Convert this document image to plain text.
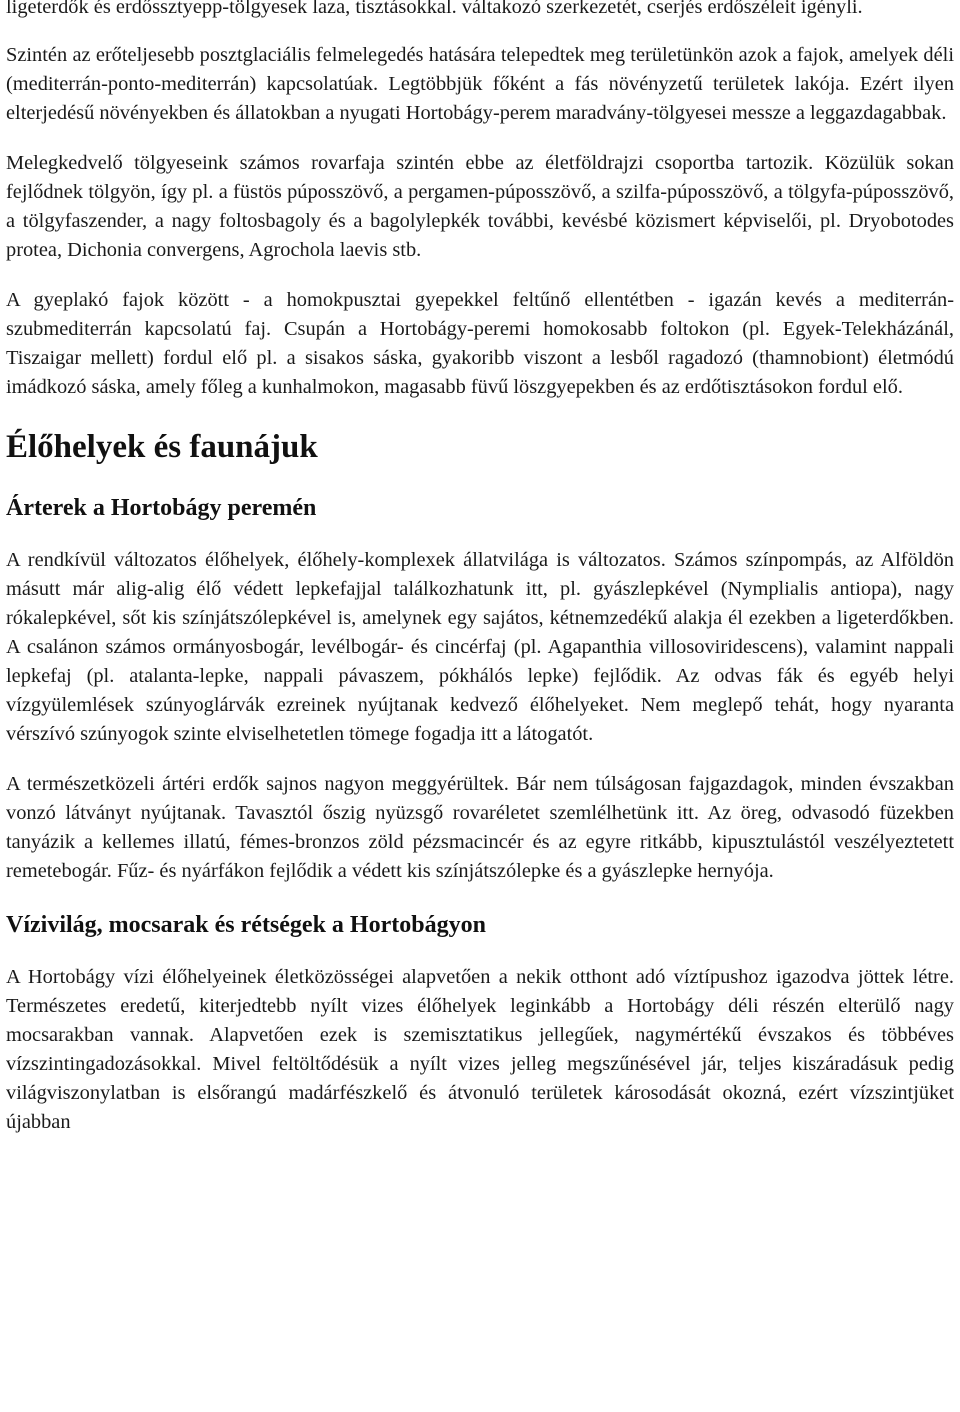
ligeterdők és erdőssztyepp-tölgyesek laza, tisztásokkal. váltakozó szerkezetét, cserjés erdőszéleit igényli.

Szintén az erőteljesebb posztglaciális felmelegedés hatására telepedtek meg területünkön azok a fajok, amelyek déli (mediterrán-ponto-mediterrán) kapcsolatúak. Legtöbbjük főként a fás növényzetű területek lakója. Ezért ilyen elterjedésű növényekben és állatokban a nyugati Hortobágy-perem maradvány-tölgyesei messze a leggazdagabbak.

Melegkedvelő tölgyeseink számos rovarfaja szintén ebbe az életföldrajzi csoportba tartozik. Közülük sokan fejlődnek tölgyön, így pl. a füstös púposszövő, a pergamen-púposszövő, a szilfa-púposszövő, a tölgyfa-púposszövő, a tölgyfaszender, a nagy foltosbagoly és a bagolylepkék további, kevésbé közismert képviselői, pl. Dryobotodes protea, Dichonia convergens, Agrochola laevis stb.

A gyeplakó fajok között - a homokpusztai gyepekkel feltűnő ellentétben - igazán kevés a mediterrán-szubmediterrán kapcsolatú faj. Csupán a Hortobágy-peremi homokosabb foltokon (pl. Egyek-Telekházánál, Tiszaigar mellett) fordul elő pl. a sisakos sáska, gyakoribb viszont a lesből ragadozó (thamnobiont) életmódú imádkozó sáska, amely főleg a kunhalmokon, magasabb füvű löszgyepekben és az erdőtisztásokon fordul elő.

Élőhelyek és faunájuk
Árterek a Hortobágy peremén

A rendkívül változatos élőhelyek, élőhely-komplexek állatvilága is változatos. Számos színpompás, az Alföldön másutt már alig-alig élő védett lepkefajjal találkozhatunk itt, pl. gyászlepkével (Nymplialis antiopa), nagy rókalepkével, sőt kis színjátszólepkével is, amelynek egy sajátos, kétnemzedékű alakja él ezekben a ligeterdőkben. A csalánon számos ormányosbogár, levélbogár- és cincérfaj (pl. Agapanthia villosoviridescens), valamint nappali lepkefaj (pl. atalanta-lepke, nappali pávaszem, pókhálós lepke) fejlődik. Az odvas fák és egyéb helyi vízgyülemlések szúnyoglárvák ezreinek nyújtanak kedvező élőhelyeket. Nem meglepő tehát, hogy nyaranta vérszívó szúnyogok szinte elviselhetetlen tömege fogadja itt a látogatót.

A természetközeli ártéri erdők sajnos nagyon meggyérültek. Bár nem túlságosan fajgazdagok, minden évszakban vonzó látványt nyújtanak. Tavasztól őszig nyüzsgő rovaréletet szemlélhetünk itt. Az öreg, odvasodó füzekben tanyázik a kellemes illatú, fémes-bronzos zöld pézsmacincér és az egyre ritkább, kipusztulástól veszélyeztetett remetebogár. Fűz- és nyárfákon fejlődik a védett kis színjátszólepke és a gyászlepke hernyója.

Vízivilág, mocsarak és rétségek a Hortobágyon

A Hortobágy vízi élőhelyeinek életközösségei alapvetően a nekik otthont adó víztípushoz igazodva jöttek létre. Természetes eredetű, kiterjedtebb nyílt vizes élőhelyek leginkább a Hortobágy déli részén elterülő nagy mocsarakban vannak. Alapvetően ezek is szemisztatikus jellegűek, nagymértékű évszakos és többéves vízszintingadozásokkal. Mivel feltöltődésük a nyílt vizes jelleg megszűnésével jár, teljes kiszáradásuk pedig világviszonylatban is elsőrangú madárfészkelő és átvonuló területek károsodását okozná, ezért vízszintjüket újabban
